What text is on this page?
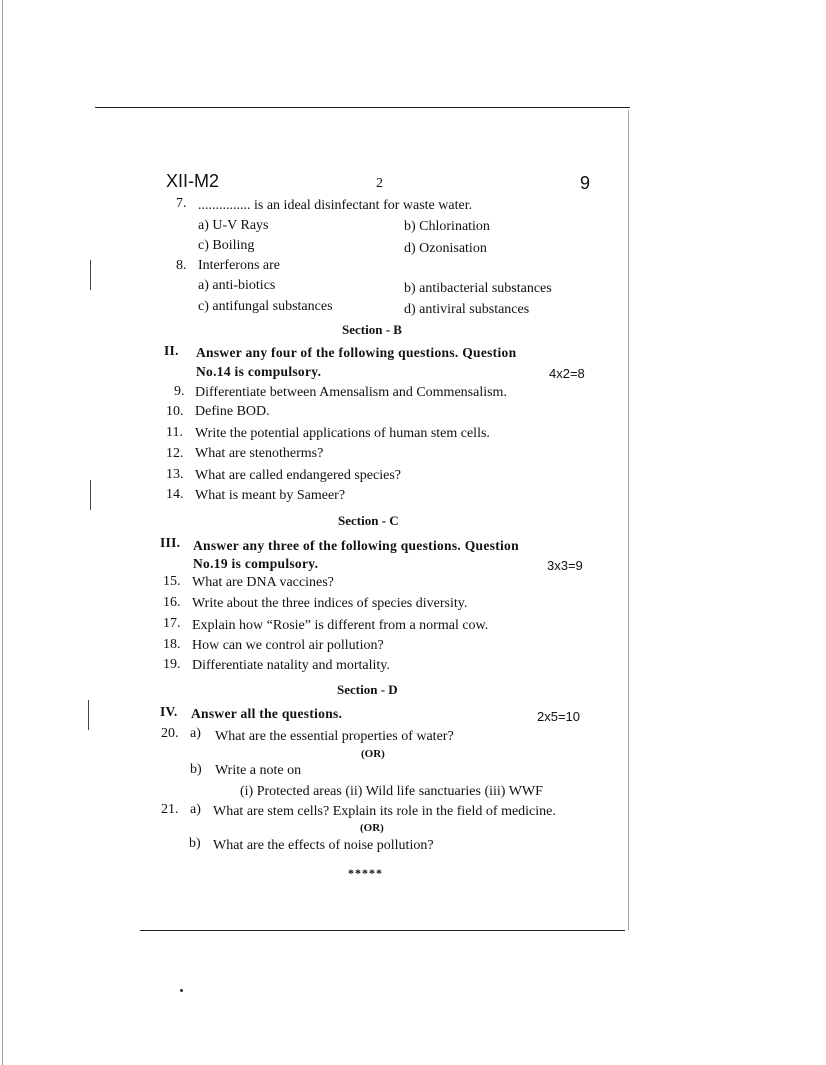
XII-M2	2	9
7. ............... is an ideal disinfectant for waste water.
a) U-V Rays	b) Chlorination
c) Boiling	d) Ozonisation
8. Interferons are
a) anti-biotics	b) antibacterial substances
c) antifungal substances	d) antiviral substances
Section - B
II. Answer any four of the following questions. Question
No.14 is compulsory.	4x2=8
9. Differentiate between Amensalism and Commensalism.
10. Define BOD.
11. Write the potential applications of human stem cells.
12. What are stenotherms?
13. What are called endangered species?
14. What is meant by Sameer?
Section - C
III. Answer any three of the following questions. Question
No.19 is compulsory.	3x3=9
15. What are DNA vaccines?
16. Write about the three indices of species diversity.
17. Explain how “Rosie” is different from a normal cow.
18. How can we control air pollution?
19. Differentiate natality and mortality.
Section - D
IV. Answer all the questions.	2x5=10
20. a) What are the essential properties of water?
(OR)
b) Write a note on
(i) Protected areas (ii) Wild life sanctuaries (iii) WWF
21. a) What are stem cells? Explain its role in the field of medicine.
(OR)
b) What are the effects of noise pollution?
*****
